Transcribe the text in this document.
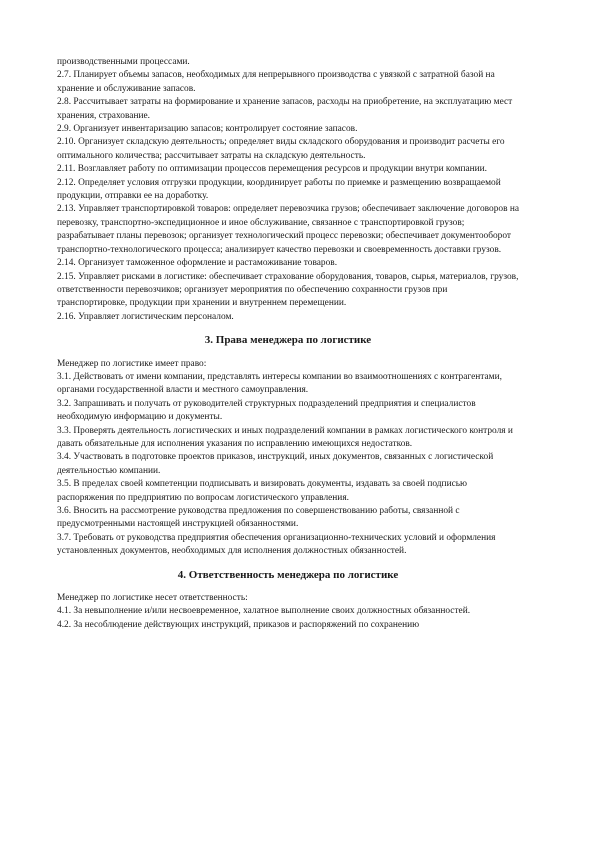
производственными процессами.

2.7. Планирует объемы запасов, необходимых для непрерывного производства с увязкой с затратной базой на хранение и обслуживание запасов.

2.8. Рассчитывает затраты на формирование и хранение запасов, расходы на приобретение, на эксплуатацию мест хранения, страхование.

2.9. Организует инвентаризацию запасов; контролирует состояние запасов.

2.10. Организует складскую деятельность; определяет виды складского оборудования и производит расчеты его оптимального количества; рассчитывает затраты на складскую деятельность.

2.11. Возглавляет работу по оптимизации процессов перемещения ресурсов и продукции внутри компании.

2.12. Определяет условия отгрузки продукции, координирует работы по приемке и размещению возвращаемой продукции, отправки ее на доработку.

2.13. Управляет транспортировкой товаров: определяет перевозчика грузов; обеспечивает заключение договоров на перевозку, транспортно-экспедиционное и иное обслуживание, связанное с транспортировкой грузов; разрабатывает планы перевозок; организует технологический процесс перевозки; обеспечивает документооборот транспортно-технологического процесса; анализирует качество перевозки и своевременность доставки грузов.

2.14. Организует таможенное оформление и растаможивание товаров.

2.15. Управляет рисками в логистике: обеспечивает страхование оборудования, товаров, сырья, материалов, грузов, ответственности перевозчиков; организует мероприятия по обеспечению сохранности грузов при транспортировке, продукции при хранении и внутреннем перемещении.

2.16. Управляет логистическим персоналом.

3. Права менеджера по логистике

Менеджер по логистике имеет право:

3.1. Действовать от имени компании, представлять интересы компании во взаимоотношениях с контрагентами, органами государственной власти и местного самоуправления.

3.2. Запрашивать и получать от руководителей структурных подразделений предприятия и специалистов необходимую информацию и документы.

3.3. Проверять деятельность логистических и иных подразделений компании в рамках логистического контроля и давать обязательные для исполнения указания по исправлению имеющихся недостатков.

3.4. Участвовать в подготовке проектов приказов, инструкций, иных документов, связанных с логистической деятельностью компании.

3.5. В пределах своей компетенции подписывать и визировать документы, издавать за своей подписью распоряжения по предприятию по вопросам логистического управления.

3.6. Вносить на рассмотрение руководства предложения по совершенствованию работы, связанной с предусмотренными настоящей инструкцией обязанностями.

3.7. Требовать от руководства предприятия обеспечения организационно-технических условий и оформления установленных документов, необходимых для исполнения должностных обязанностей.

4. Ответственность менеджера по логистике

Менеджер по логистике несет ответственность:

4.1. За невыполнение и/или несвоевременное, халатное выполнение своих должностных обязанностей.

4.2. За несоблюдение действующих инструкций, приказов и распоряжений по сохранению
